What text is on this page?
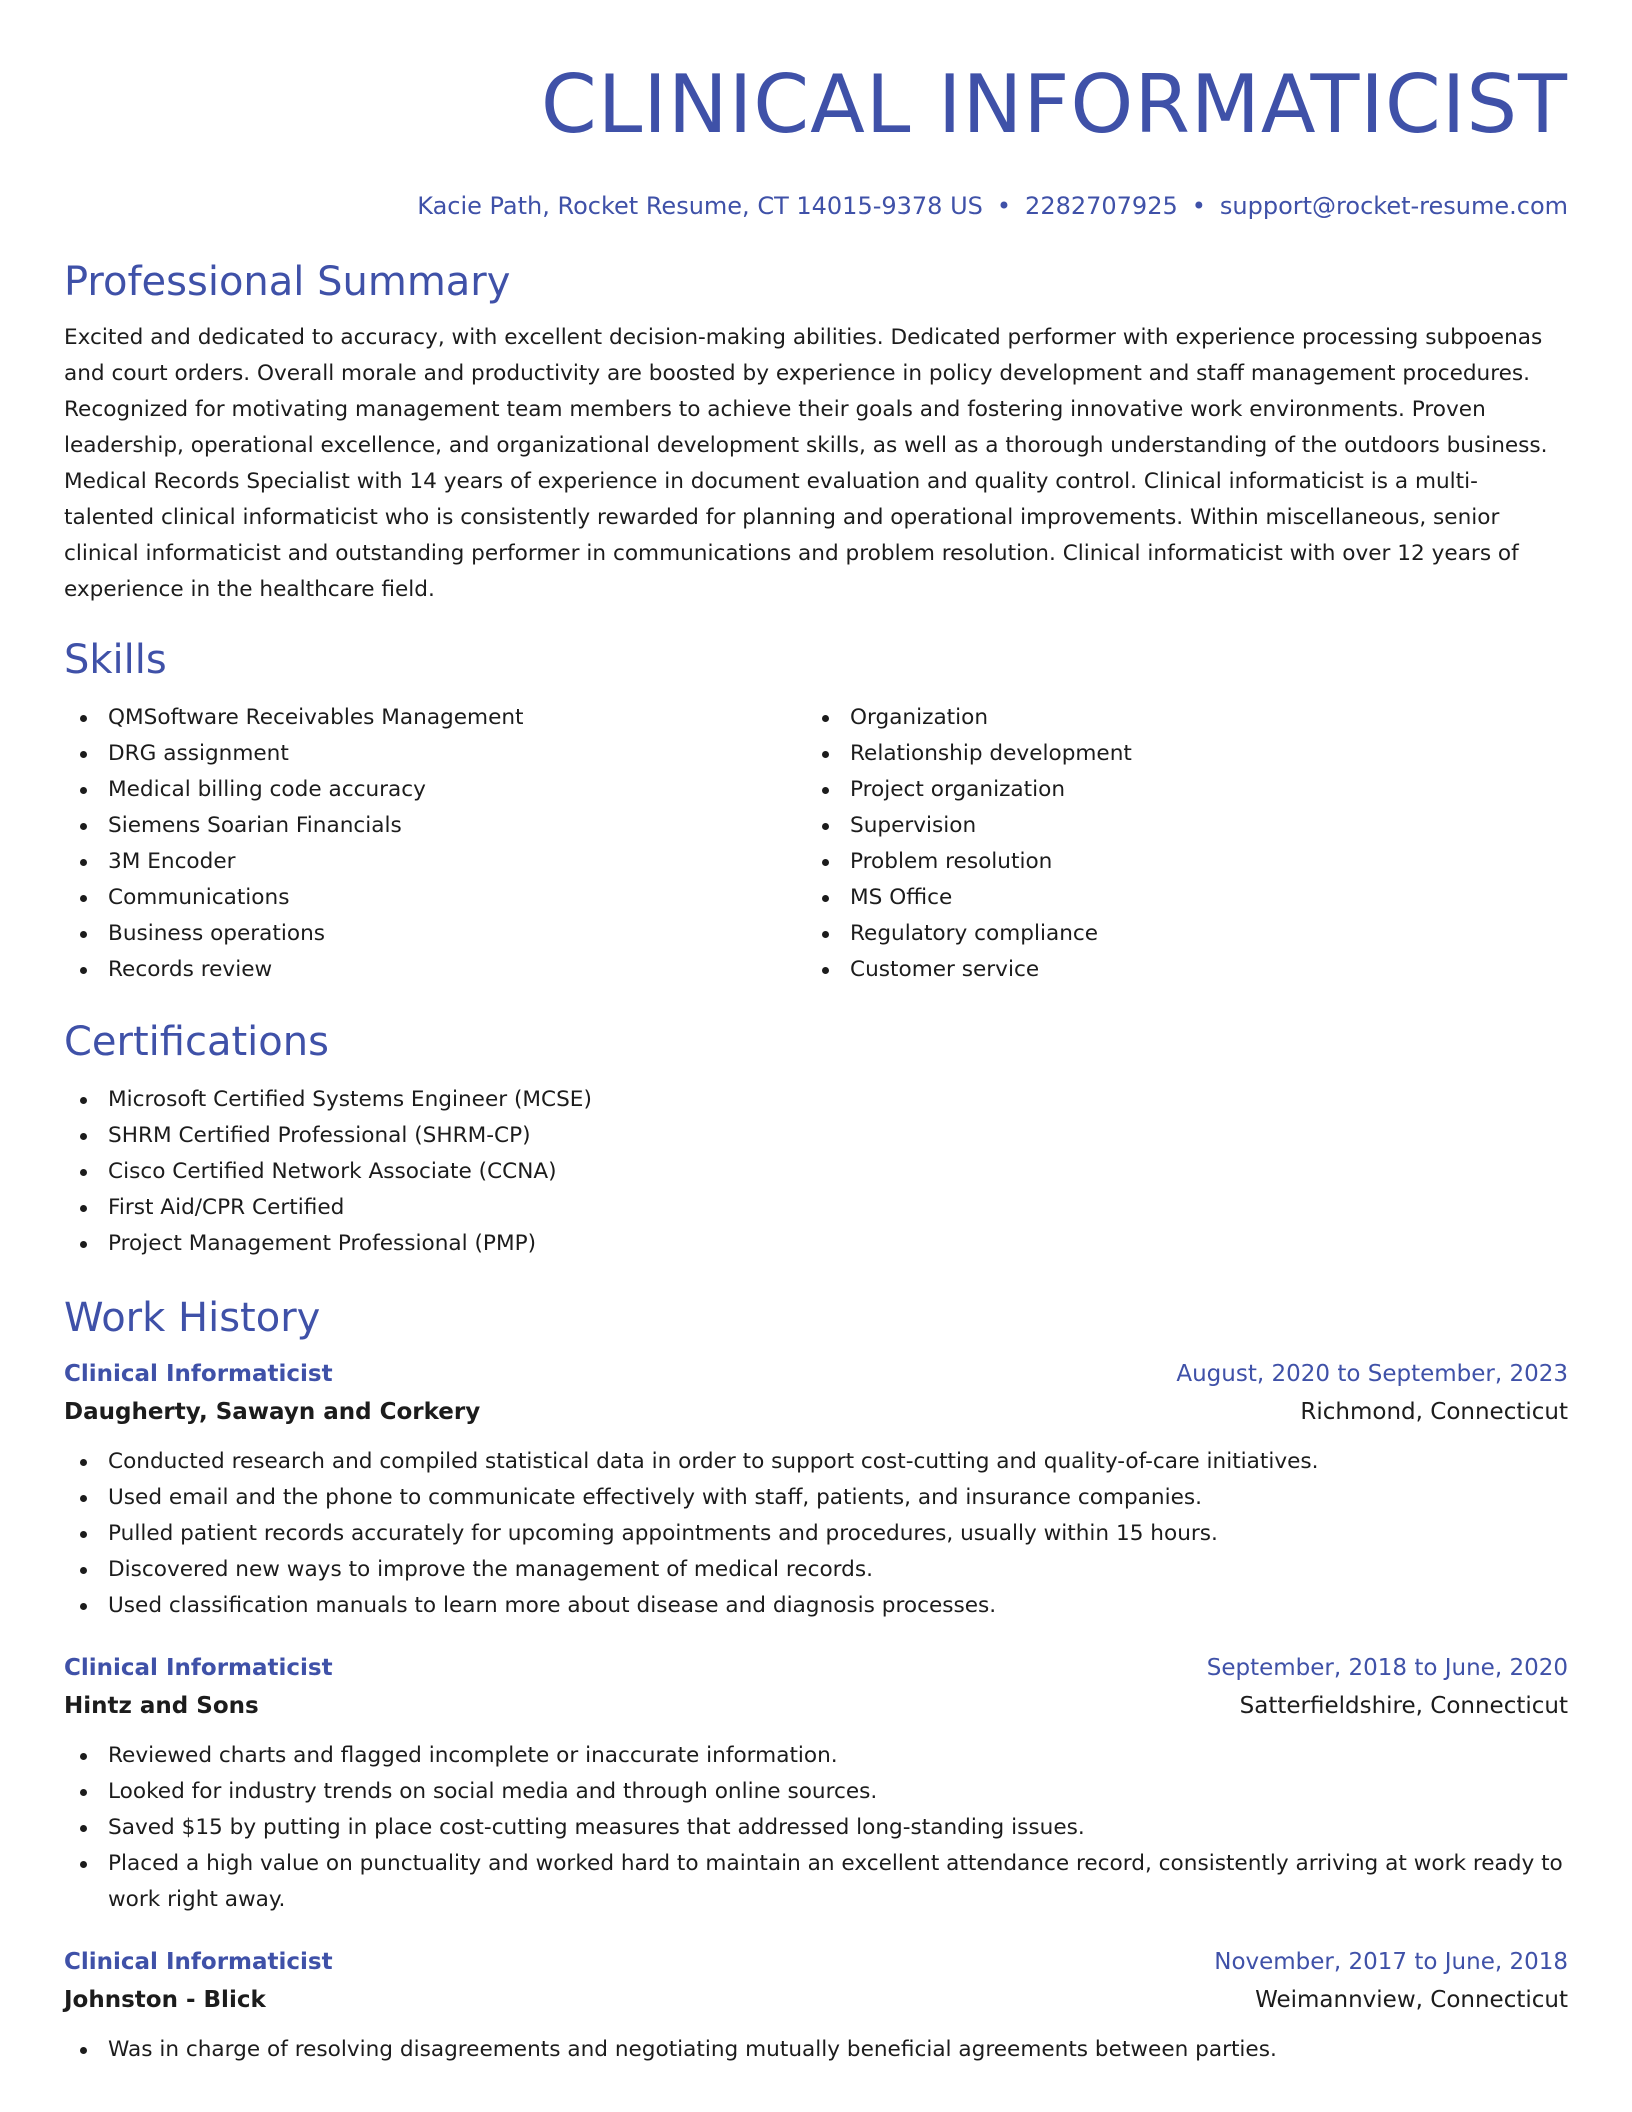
CLINICAL INFORMATICIST
Kacie Path, Rocket Resume, CT 14015-9378 US • 2282707925 • support@rocket-resume.com
Professional Summary
Excited and dedicated to accuracy, with excellent decision-making abilities. Dedicated performer with experience processing subpoenas and court orders. Overall morale and productivity are boosted by experience in policy development and staff management procedures. Recognized for motivating management team members to achieve their goals and fostering innovative work environments. Proven leadership, operational excellence, and organizational development skills, as well as a thorough understanding of the outdoors business. Medical Records Specialist with 14 years of experience in document evaluation and quality control. Clinical informaticist is a multi-talented clinical informaticist who is consistently rewarded for planning and operational improvements. Within miscellaneous, senior clinical informaticist and outstanding performer in communications and problem resolution. Clinical informaticist with over 12 years of experience in the healthcare field.
Skills
QMSoftware Receivables Management
DRG assignment
Medical billing code accuracy
Siemens Soarian Financials
3M Encoder
Communications
Business operations
Records review
Organization
Relationship development
Project organization
Supervision
Problem resolution
MS Office
Regulatory compliance
Customer service
Certifications
Microsoft Certified Systems Engineer (MCSE)
SHRM Certified Professional (SHRM-CP)
Cisco Certified Network Associate (CCNA)
First Aid/CPR Certified
Project Management Professional (PMP)
Work History
Clinical Informaticist	August, 2020 to September, 2023
Daugherty, Sawayn and Corkery	Richmond, Connecticut
Conducted research and compiled statistical data in order to support cost-cutting and quality-of-care initiatives.
Used email and the phone to communicate effectively with staff, patients, and insurance companies.
Pulled patient records accurately for upcoming appointments and procedures, usually within 15 hours.
Discovered new ways to improve the management of medical records.
Used classification manuals to learn more about disease and diagnosis processes.
Clinical Informaticist	September, 2018 to June, 2020
Hintz and Sons	Satterfieldshire, Connecticut
Reviewed charts and flagged incomplete or inaccurate information.
Looked for industry trends on social media and through online sources.
Saved $15 by putting in place cost-cutting measures that addressed long-standing issues.
Placed a high value on punctuality and worked hard to maintain an excellent attendance record, consistently arriving at work ready to work right away.
Clinical Informaticist	November, 2017 to June, 2018
Johnston - Blick	Weimannview, Connecticut
Was in charge of resolving disagreements and negotiating mutually beneficial agreements between parties.
